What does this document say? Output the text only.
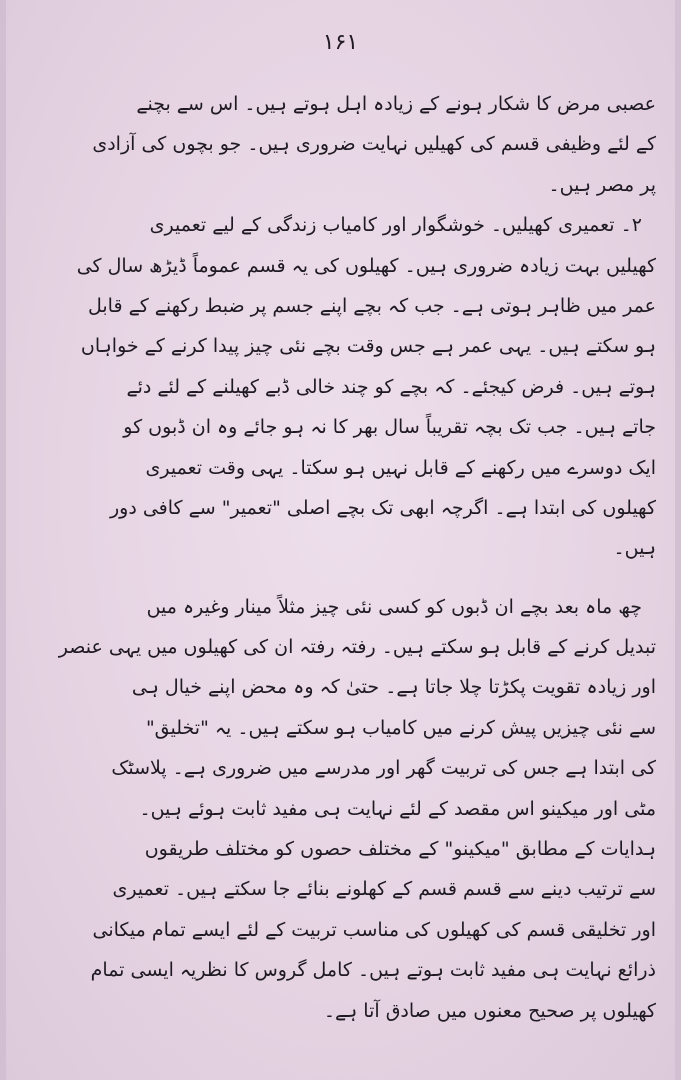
۱۶۱
عصبی مرض کا شکار ہونے کے زیادہ اہل ہوتے ہیں۔ اس سے بچنے
کے لئے وظیفی قسم کی کھیلیں نہایت ضروری ہیں۔ جو بچوں کی آزادی
پر مصر ہیں۔
۲۔ تعمیری کھیلیں۔ خوشگوار اور کامیاب زندگی کے لیے تعمیری
کھیلیں بہت زیادہ ضروری ہیں۔ کھیلوں کی یہ قسم عموماً ڈیڑھ سال کی
عمر میں ظاہر ہوتی ہے۔ جب کہ بچے اپنے جسم پر ضبط رکھنے کے قابل
ہو سکتے ہیں۔ یہی عمر ہے جس وقت بچے نئی چیز پیدا کرنے کے خواہاں
ہوتے ہیں۔ فرض کیجئے۔ کہ بچے کو چند خالی ڈبے کھیلنے کے لئے دئے
جاتے ہیں۔ جب تک بچہ تقریباً سال بھر کا نہ ہو جائے وہ ان ڈبوں کو
ایک دوسرے میں رکھنے کے قابل نہیں ہو سکتا۔ یہی وقت تعمیری
کھیلوں کی ابتدا ہے۔ اگرچہ ابھی تک بچے اصلی "تعمیر" سے کافی دور
ہیں۔
چھ ماہ بعد بچے ان ڈبوں کو کسی نئی چیز مثلاً مینار وغیرہ میں
تبدیل کرنے کے قابل ہو سکتے ہیں۔ رفتہ رفتہ ان کی کھیلوں میں یہی عنصر
اور زیادہ تقویت پکڑتا چلا جاتا ہے۔ حتیٰ کہ وہ محض اپنے خیال ہی
سے نئی چیزیں پیش کرنے میں کامیاب ہو سکتے ہیں۔ یہ "تخلیق"
کی ابتدا ہے جس کی تربیت گھر اور مدرسے میں ضروری ہے۔ پلاسٹک
مٹی اور میکینو اس مقصد کے لئے نہایت ہی مفید ثابت ہوئے ہیں۔
ہدایات کے مطابق "میکینو" کے مختلف حصوں کو مختلف طریقوں
سے ترتیب دینے سے قسم قسم کے کھلونے بنائے جا سکتے ہیں۔ تعمیری
اور تخلیقی قسم کی کھیلوں کی مناسب تربیت کے لئے ایسے تمام میکانی
ذرائع نہایت ہی مفید ثابت ہوتے ہیں۔ کامل گروس کا نظریہ ایسی تمام
کھیلوں پر صحیح معنوں میں صادق آتا ہے۔
